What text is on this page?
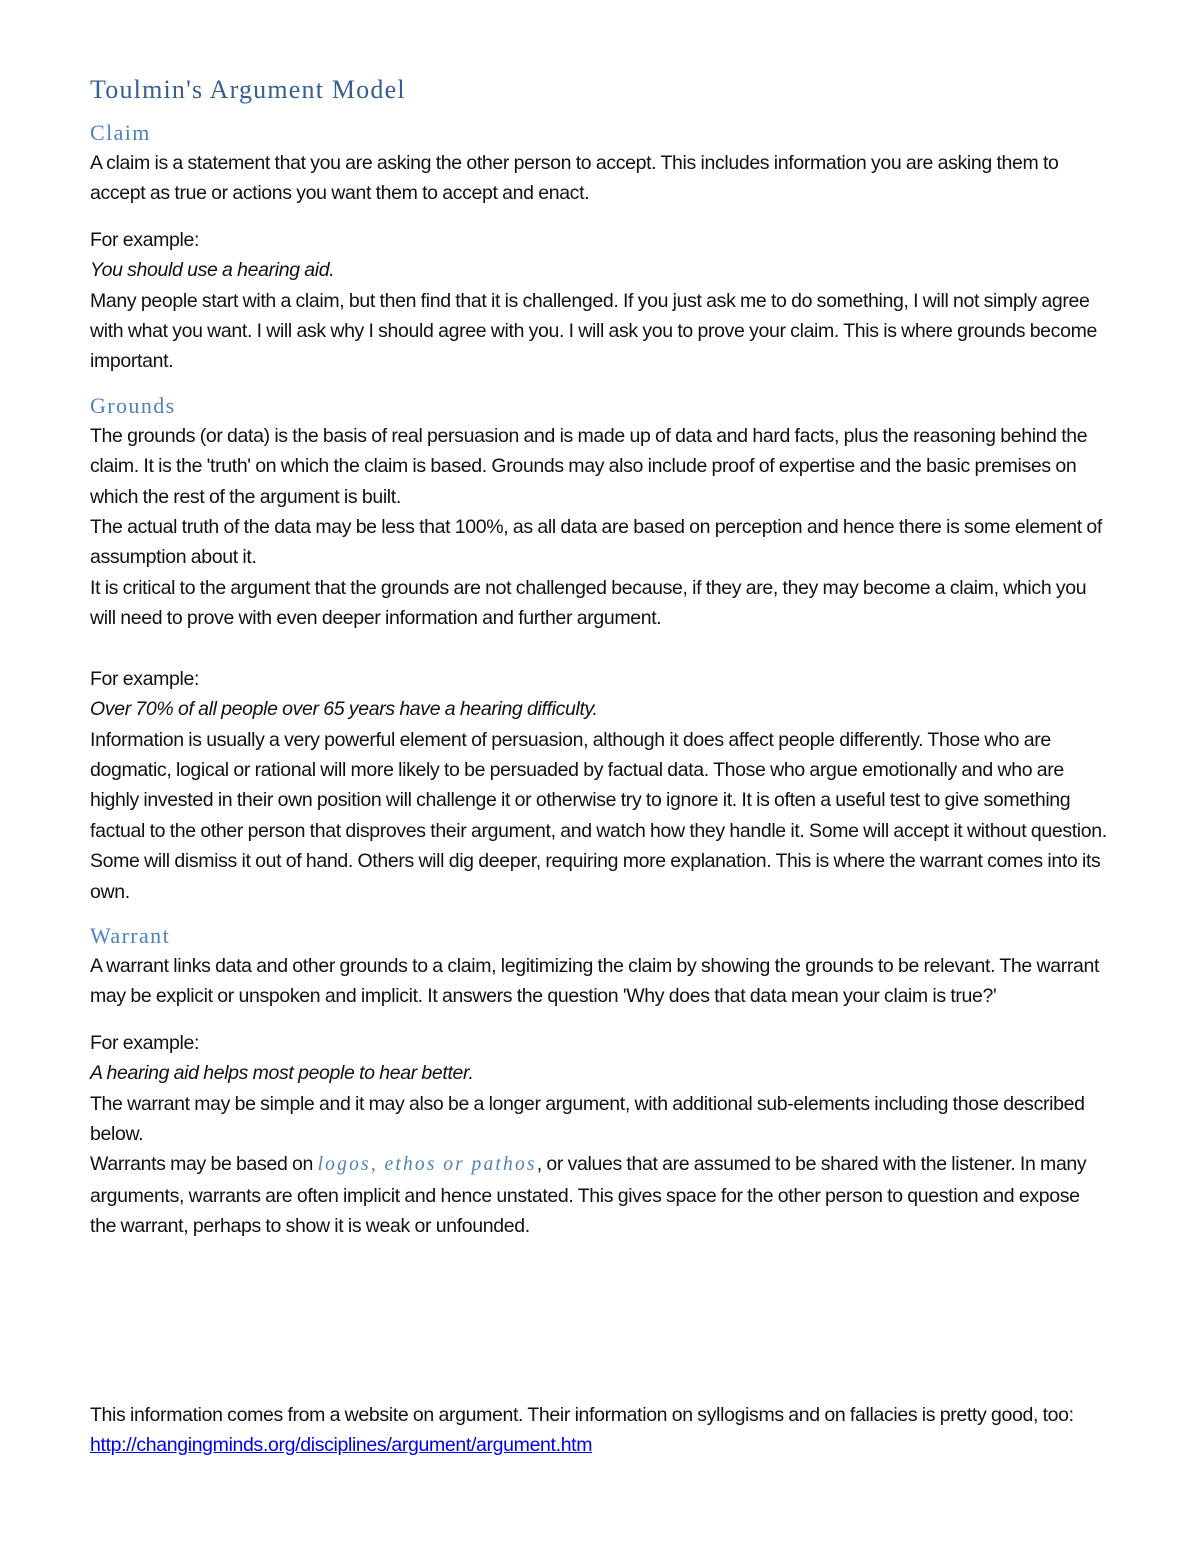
Toulmin's Argument Model
Claim

A claim is a statement that you are asking the other person to accept. This includes information you are asking them to accept as true or actions you want them to accept and enact.

For example:

You should use a hearing aid.

Many people start with a claim, but then find that it is challenged. If you just ask me to do something, I will not simply agree with what you want. I will ask why I should agree with you. I will ask you to prove your claim. This is where grounds become important.

Grounds

The grounds (or data) is the basis of real persuasion and is made up of data and hard facts, plus the reasoning behind the claim. It is the 'truth' on which the claim is based. Grounds may also include proof of expertise and the basic premises on which the rest of the argument is built.

The actual truth of the data may be less that 100%, as all data are based on perception and hence there is some element of assumption about it.

It is critical to the argument that the grounds are not challenged because, if they are, they may become a claim, which you will need to prove with even deeper information and further argument.

For example:

Over 70% of all people over 65 years have a hearing difficulty.

Information is usually a very powerful element of persuasion, although it does affect people differently. Those who are dogmatic, logical or rational will more likely to be persuaded by factual data. Those who argue emotionally and who are highly invested in their own position will challenge it or otherwise try to ignore it. It is often a useful test to give something factual to the other person that disproves their argument, and watch how they handle it. Some will accept it without question. Some will dismiss it out of hand. Others will dig deeper, requiring more explanation. This is where the warrant comes into its own.

Warrant

A warrant links data and other grounds to a claim, legitimizing the claim by showing the grounds to be relevant. The warrant may be explicit or unspoken and implicit. It answers the question 'Why does that data mean your claim is true?'

For example:

A hearing aid helps most people to hear better.

The warrant may be simple and it may also be a longer argument, with additional sub-elements including those described below.

Warrants may be based on logos, ethos or pathos, or values that are assumed to be shared with the listener. In many arguments, warrants are often implicit and hence unstated. This gives space for the other person to question and expose the warrant, perhaps to show it is weak or unfounded.

This information comes from a website on argument. Their information on syllogisms and on fallacies is pretty good, too: http://changingminds.org/disciplines/argument/argument.htm
